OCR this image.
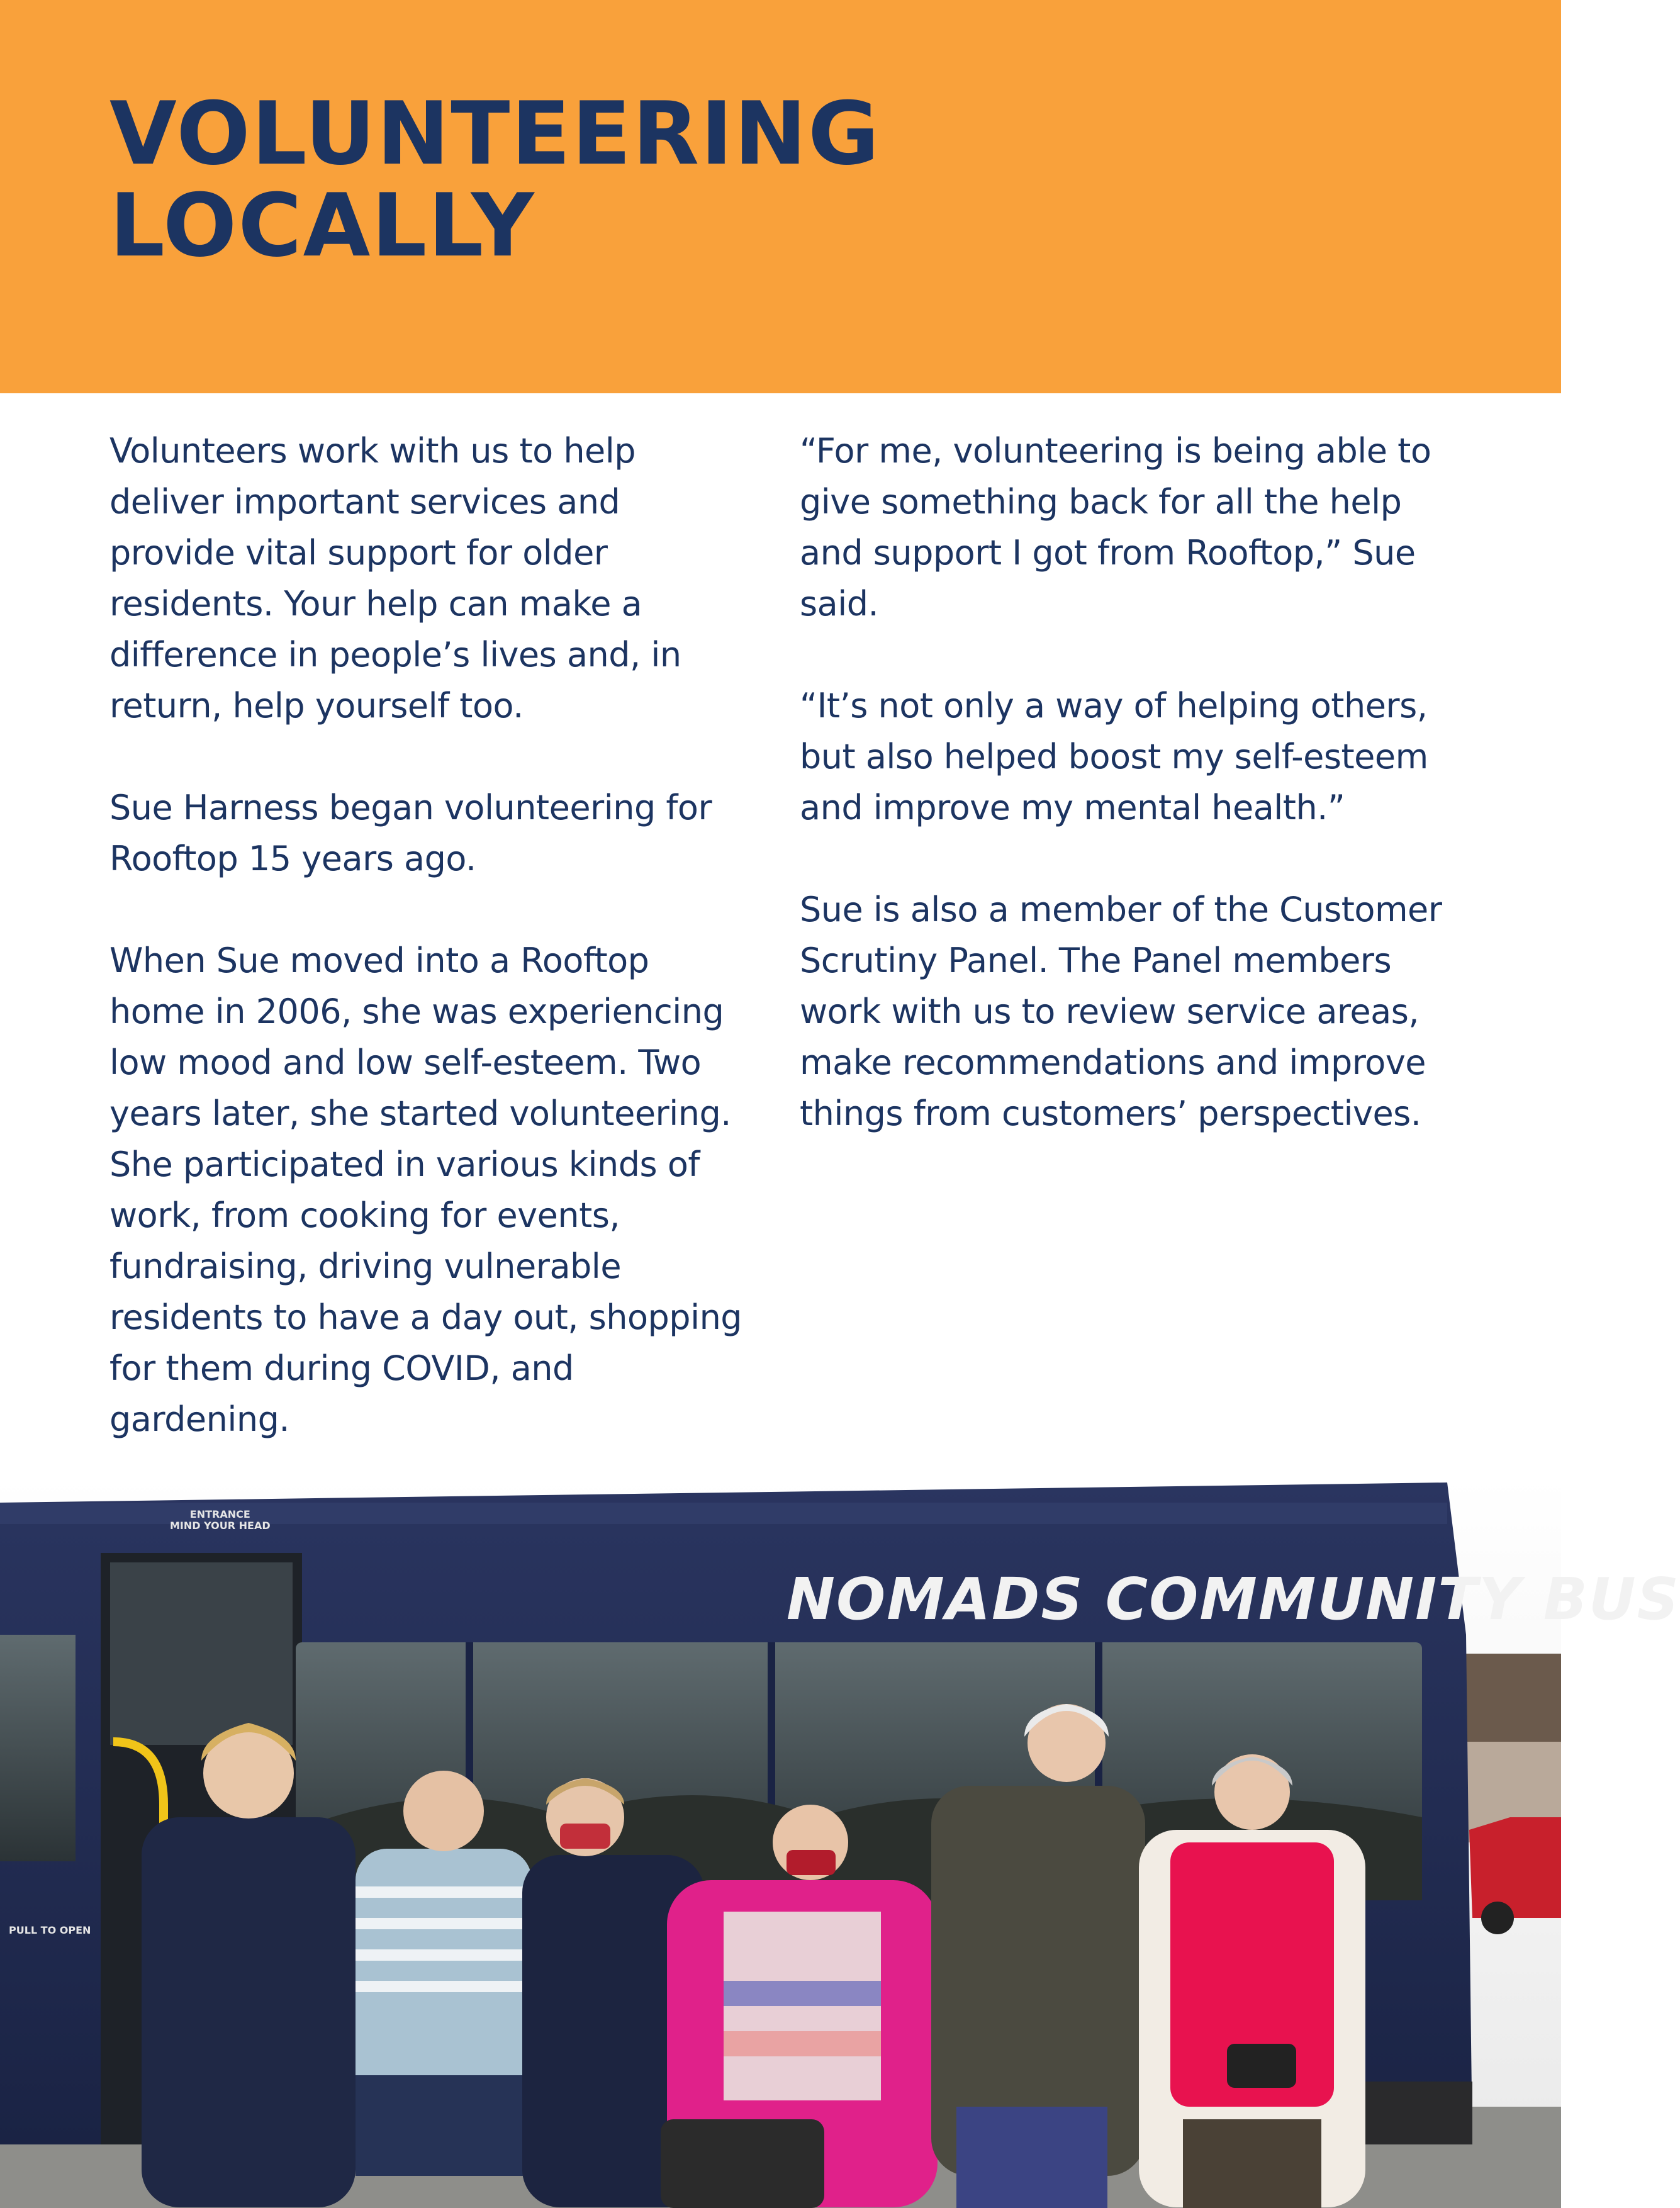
VOLUNTEERING
LOCALLY

Volunteers work with us to help deliver important services and provide vital support for older residents. Your help can make a difference in people’s lives and, in return, help yourself too.

Sue Harness began volunteering for Rooftop 15 years ago.

When Sue moved into a Rooftop home in 2006, she was experiencing low mood and low self-esteem. Two years later, she started volunteering. She participated in various kinds of work, from cooking for events, fundraising, driving vulnerable residents to have a day out, shopping for them during COVID, and gardening.

“For me, volunteering is being able to give something back for all the help and support I got from Rooftop,” Sue said.

“It’s not only a way of helping others, but also helped boost my self-esteem and improve my mental health.”

Sue is also a member of the Customer Scrutiny Panel. The Panel members work with us to review service areas, make recommendations and improve things from customers’ perspectives.

NOMADS COMMUNITY BUS
ENTRANCE
MIND YOUR HEAD
PULL TO OPEN
